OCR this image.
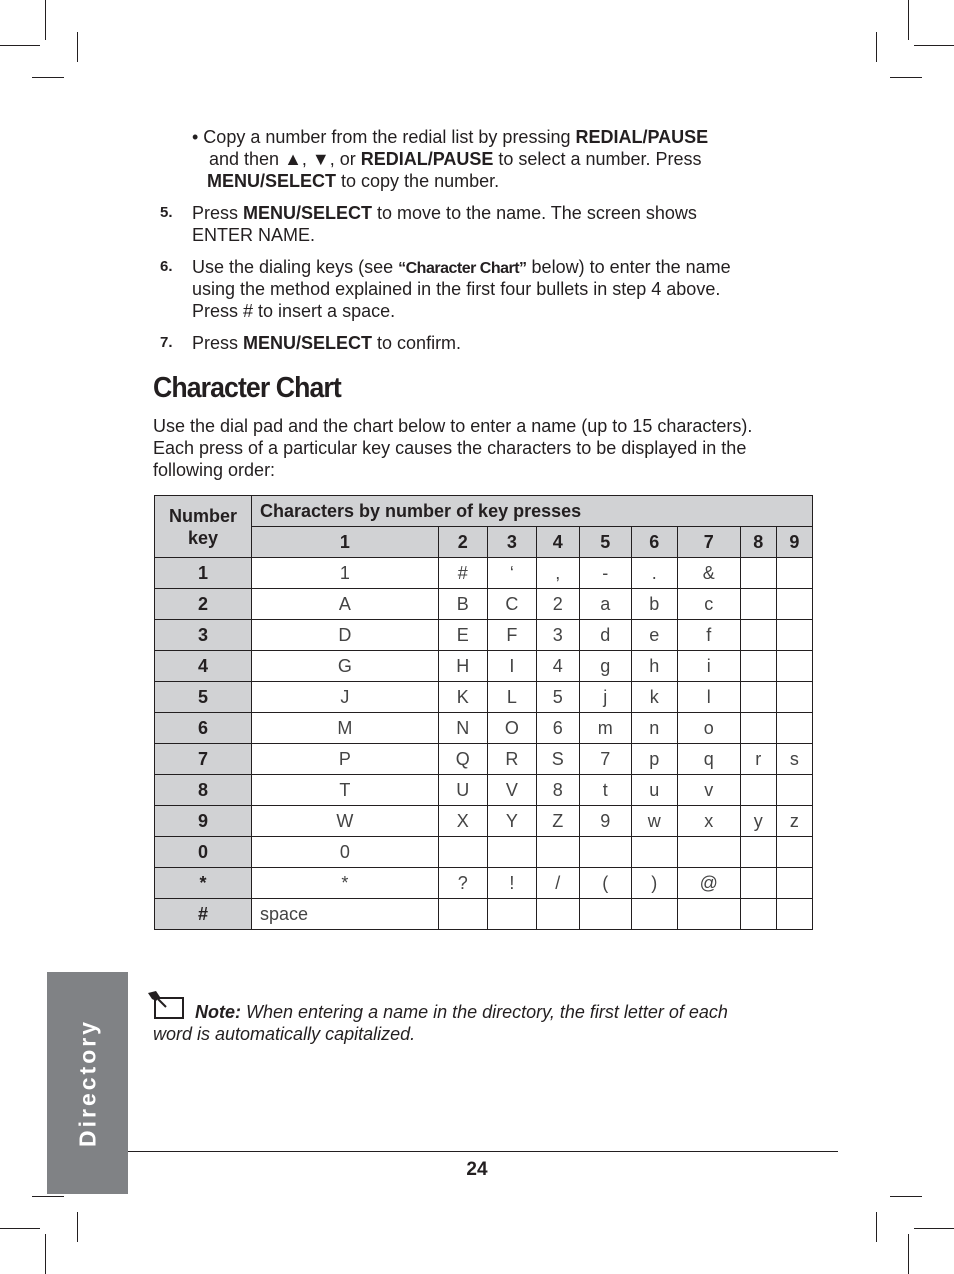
• Copy a number from the redial list by pressing REDIAL/PAUSE
and then ▲, ▼, or REDIAL/PAUSE to select a number. Press
MENU/SELECT to copy the number.
5. Press MENU/SELECT to move to the name. The screen shows
ENTER NAME.
6. Use the dialing keys (see “Character Chart” below) to enter the name
using the method explained in the first four bullets in step 4 above.
Press # to insert a space.
7. Press MENU/SELECT to confirm.
Character Chart
Use the dial pad and the chart below to enter a name (up to 15 characters).
Each press of a particular key causes the characters to be displayed in the
following order:
Number
key	Characters by number of key presses								
	1	2	3	4	5	6	7	8	9
1	1	#	‘	,	-	.	&		
2	A	B	C	2	a	b	c		
3	D	E	F	3	d	e	f		
4	G	H	I	4	g	h	i		
5	J	K	L	5	j	k	l		
6	M	N	O	6	m	n	o		
7	P	Q	R	S	7	p	q	r	s
8	T	U	V	8	t	u	v		
9	W	X	Y	Z	9	w	x	y	z
0	0								
*	*	?	!	/	(	)	@		
#	space								
Note: When entering a name in the directory, the first letter of each
word is automatically capitalized.
Directory
24
